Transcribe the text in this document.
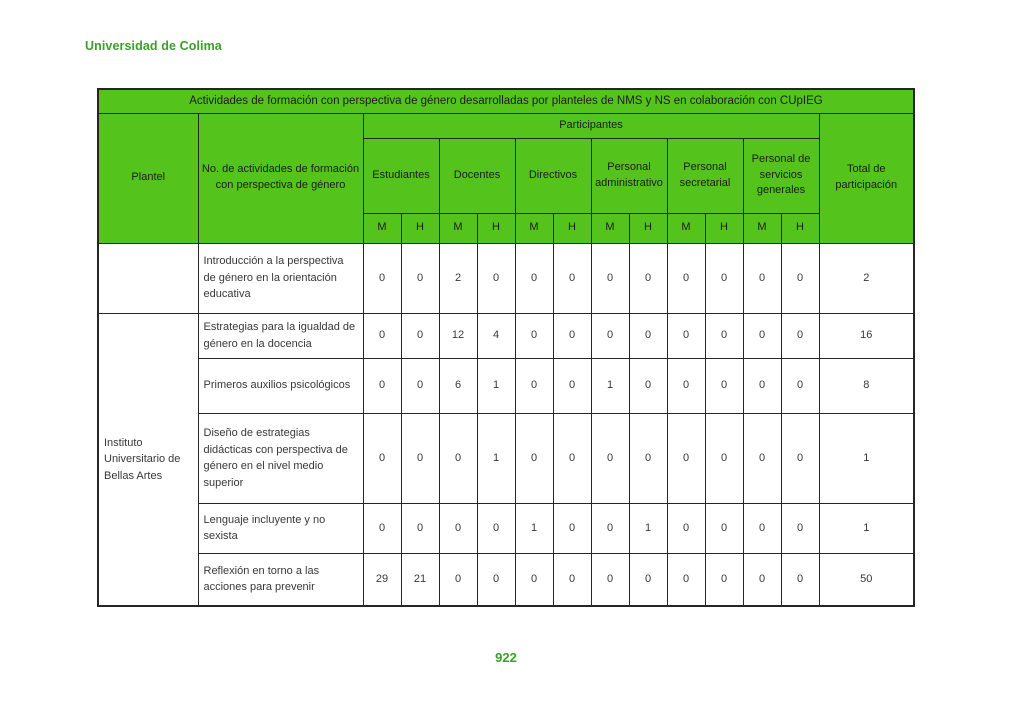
Universidad de Colima
Actividades de formación con perspectiva de género desarrolladas por planteles de NMS y NS en colaboración con CUpIEG														
Plantel	No. de actividades de formación con perspectiva de género	Participantes												Total de participación
		Estudiantes		Docentes		Directivos		Personal administrativo		Personal secretarial		Personal de servicios generales		
		M	H	M	H	M	H	M	H	M	H	M	H	
	Introducción a la perspectiva de género en la orientación educativa	0	0	2	0	0	0	0	0	0	0	0	0	2
Instituto Universitario de Bellas Artes	Estrategias para la igualdad de género en la docencia	0	0	12	4	0	0	0	0	0	0	0	0	16
	Primeros auxilios psicológicos	0	0	6	1	0	0	1	0	0	0	0	0	8
	Diseño de estrategias didácticas con perspectiva de género en el nivel medio superior	0	0	0	1	0	0	0	0	0	0	0	0	1
	Lenguaje incluyente y no sexista	0	0	0	0	1	0	0	1	0	0	0	0	1
	Reflexión en torno a las acciones para prevenir	29	21	0	0	0	0	0	0	0	0	0	0	50
922
